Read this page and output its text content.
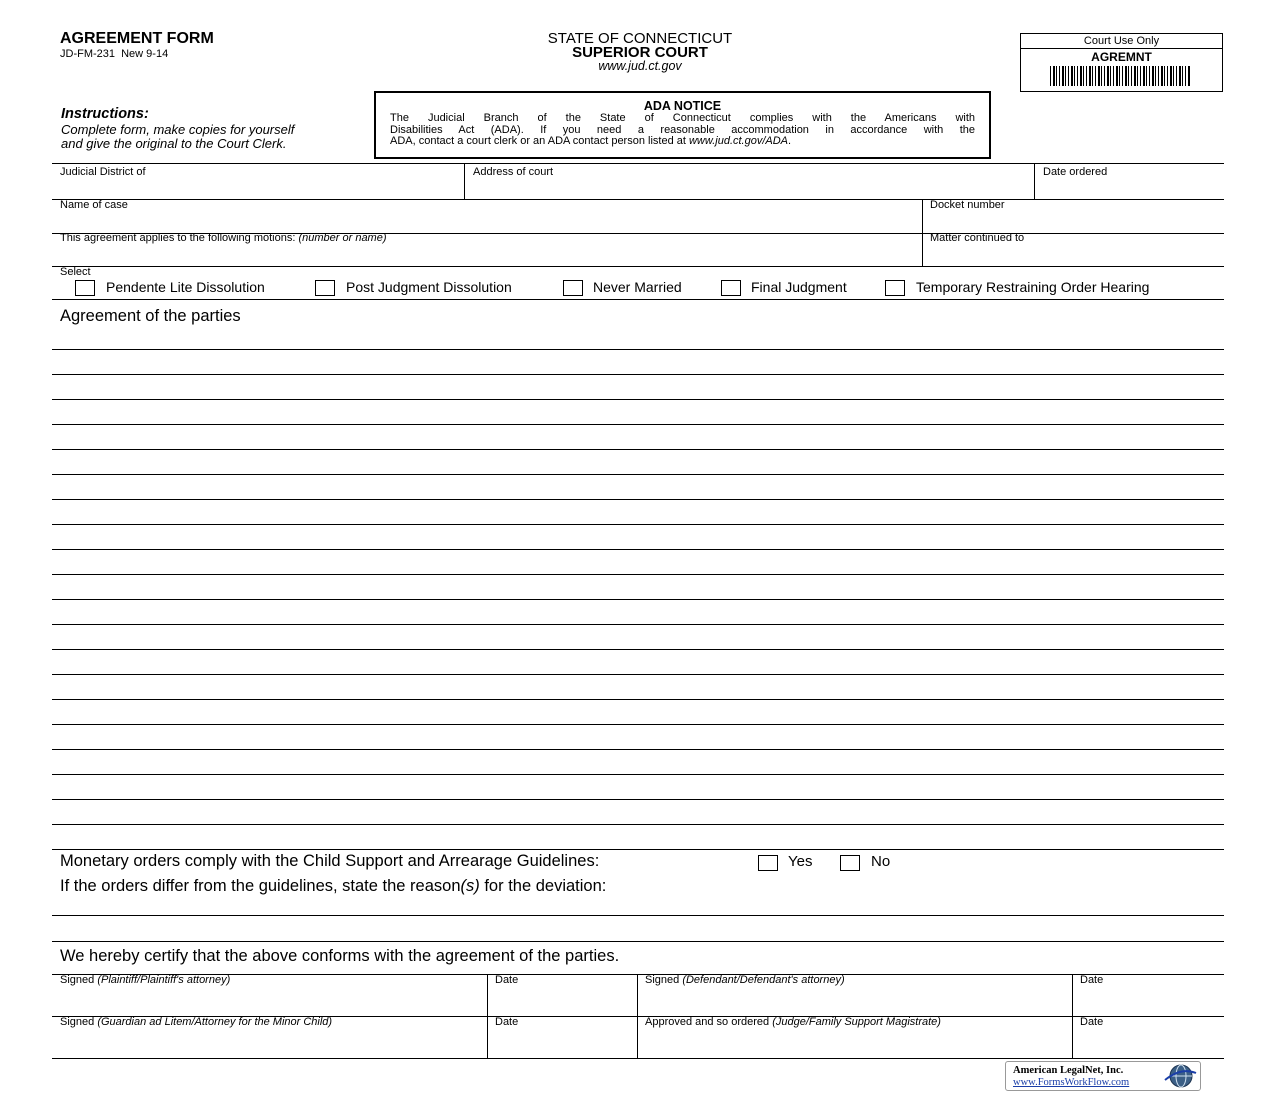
AGREEMENT FORM
JD-FM-231  New 9-14
STATE OF CONNECTICUT
SUPERIOR COURT
www.jud.ct.gov
Court Use Only
AGREMNT
Instructions:
Complete form, make copies for yourself
and give the original to the Court Clerk.
ADA NOTICE
The Judicial Branch of the State of Connecticut complies with the Americans with
Disabilities Act (ADA). If you need a reasonable accommodation in accordance with the
ADA, contact a court clerk or an ADA contact person listed at www.jud.ct.gov/ADA.
Judicial District of	Address of court	Date ordered
Name of case	Docket number
This agreement applies to the following motions: (number or name)	Matter continued to
Select
Pendente Lite Dissolution	Post Judgment Dissolution	Never Married	Final Judgment	Temporary Restraining Order Hearing
Agreement of the parties
Monetary orders comply with the Child Support and Arrearage Guidelines:	Yes	No
If the orders differ from the guidelines, state the reason(s) for the deviation:
We hereby certify that the above conforms with the agreement of the parties.
Signed (Plaintiff/Plaintiff's attorney)	Date	Signed (Defendant/Defendant's attorney)	Date
Signed (Guardian ad Litem/Attorney for the Minor Child)	Date	Approved and so ordered (Judge/Family Support Magistrate)	Date
American LegalNet, Inc.
www.FormsWorkFlow.com
